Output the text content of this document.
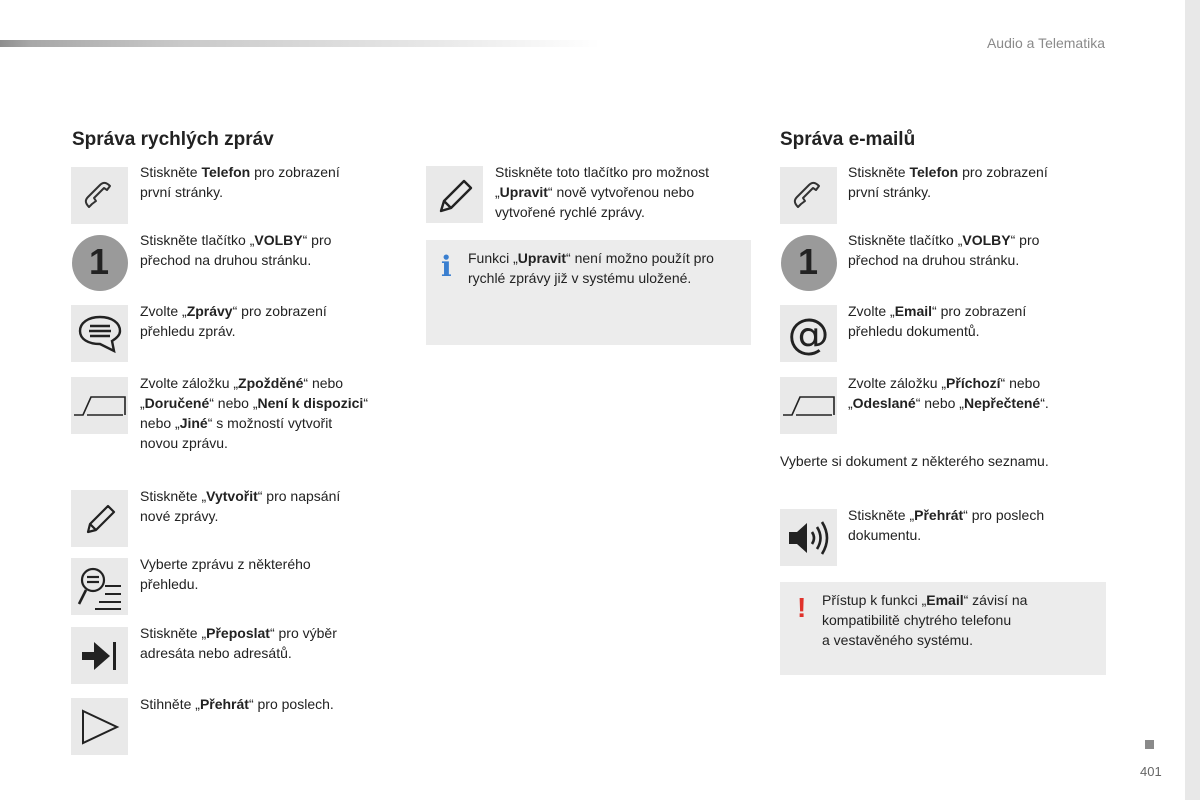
Audio a Telematika
401
Správa rychlých zpráv
Stiskněte Telefon pro zobrazení
první stránky.
1
Stiskněte tlačítko „VOLBY“ pro
přechod na druhou stránku.
Zvolte „Zprávy“ pro zobrazení
přehledu zpráv.
Zvolte záložku „Zpožděné“ nebo
„Doručené“ nebo „Není k dispozici“
nebo „Jiné“ s možností vytvořit
novou zprávu.
Stiskněte „Vytvořit“ pro napsání
nové zprávy.
Vyberte zprávu z některého
přehledu.
Stiskněte „Přeposlat“ pro výběr
adresáta nebo adresátů.
Stihněte „Přehrát“ pro poslech.
Stiskněte toto tlačítko pro možnost
„Upravit“ nově vytvořenou nebo
vytvořené rychlé zprávy.
i Funkci „Upravit“ není možno použít pro
rychlé zprávy již v systému uložené.
Správa e-mailů
Stiskněte Telefon pro zobrazení
první stránky.
1
Stiskněte tlačítko „VOLBY“ pro
přechod na druhou stránku.
@ Zvolte „Email“ pro zobrazení
přehledu dokumentů.
Zvolte záložku „Příchozí“ nebo
„Odeslané“ nebo „Nepřečtené“.
Vyberte si dokument z některého seznamu.
Stiskněte „Přehrát“ pro poslech
dokumentu.
! Přístup k funkci „Email“ závisí na
kompatibilitě chytrého telefonu
a vestavěného systému.
